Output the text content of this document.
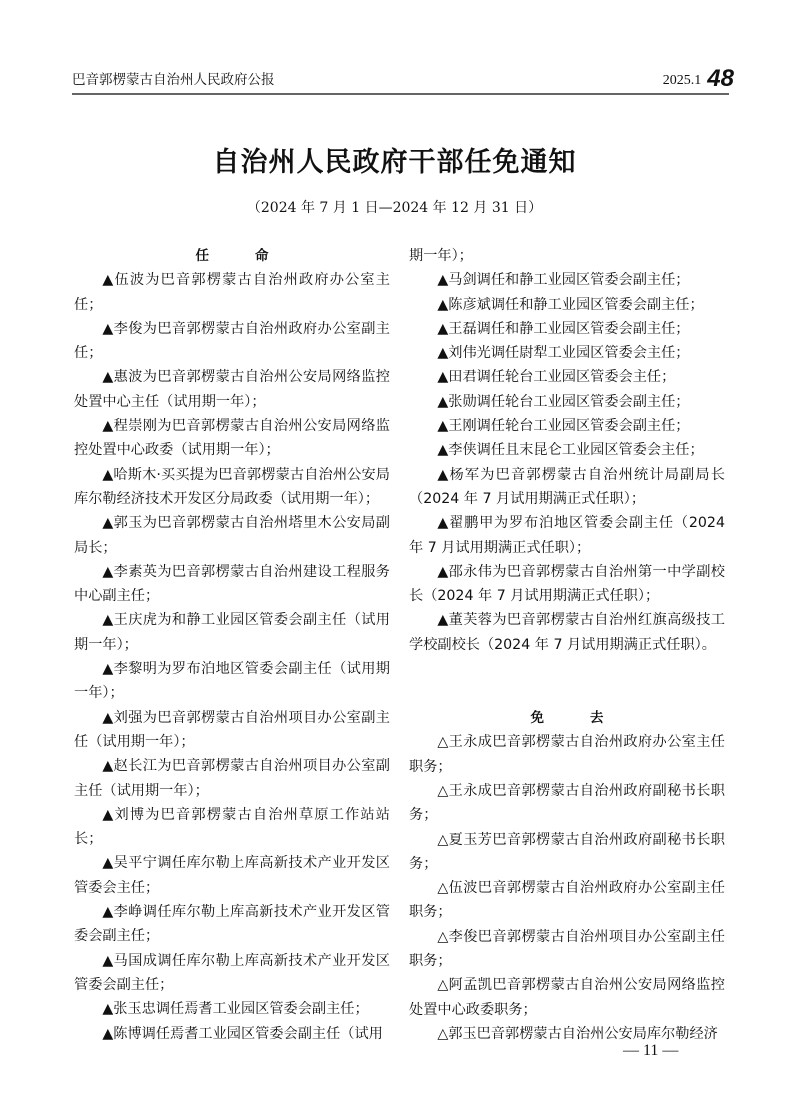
巴音郭楞蒙古自治州人民政府公报	2025.1 48
自治州人民政府干部任免通知
（2024 年 7 月 1 日—2024 年 12 月 31 日）
任	命

▲伍波为巴音郭楞蒙古自治州政府办公室主任；

▲李俊为巴音郭楞蒙古自治州政府办公室副主任；

▲惠波为巴音郭楞蒙古自治州公安局网络监控处置中心主任（试用期一年）；

▲程崇刚为巴音郭楞蒙古自治州公安局网络监控处置中心政委（试用期一年）；

▲哈斯木·买买提为巴音郭楞蒙古自治州公安局库尔勒经济技术开发区分局政委（试用期一年）；

▲郭玉为巴音郭楞蒙古自治州塔里木公安局副局长；

▲李素英为巴音郭楞蒙古自治州建设工程服务中心副主任；

▲王庆虎为和静工业园区管委会副主任（试用期一年）；

▲李黎明为罗布泊地区管委会副主任（试用期一年）；

▲刘强为巴音郭楞蒙古自治州项目办公室副主任（试用期一年）；

▲赵长江为巴音郭楞蒙古自治州项目办公室副主任（试用期一年）；

▲刘博为巴音郭楞蒙古自治州草原工作站站长；

▲吴平宁调任库尔勒上库高新技术产业开发区管委会主任；

▲李峥调任库尔勒上库高新技术产业开发区管委会副主任；

▲马国成调任库尔勒上库高新技术产业开发区管委会副主任；

▲张玉忠调任焉耆工业园区管委会副主任；

▲陈博调任焉耆工业园区管委会副主任（试用

期一年）；

▲马剑调任和静工业园区管委会副主任；

▲陈彦斌调任和静工业园区管委会副主任；

▲王磊调任和静工业园区管委会副主任；

▲刘伟光调任尉犁工业园区管委会主任；

▲田君调任轮台工业园区管委会主任；

▲张勋调任轮台工业园区管委会副主任；

▲王刚调任轮台工业园区管委会副主任；

▲李侠调任且末昆仑工业园区管委会主任；

▲杨军为巴音郭楞蒙古自治州统计局副局长（2024 年 7 月试用期满正式任职）；

▲翟鹏甲为罗布泊地区管委会副主任（2024 年 7 月试用期满正式任职）；

▲邵永伟为巴音郭楞蒙古自治州第一中学副校长（2024 年 7 月试用期满正式任职）；

▲董芙蓉为巴音郭楞蒙古自治州红旗高级技工学校副校长（2024 年 7 月试用期满正式任职）。

免	去

△王永成巴音郭楞蒙古自治州政府办公室主任职务；

△王永成巴音郭楞蒙古自治州政府副秘书长职务；

△夏玉芳巴音郭楞蒙古自治州政府副秘书长职务；

△伍波巴音郭楞蒙古自治州政府办公室副主任职务；

△李俊巴音郭楞蒙古自治州项目办公室副主任职务；

△阿孟凯巴音郭楞蒙古自治州公安局网络监控处置中心政委职务；

△郭玉巴音郭楞蒙古自治州公安局库尔勒经济

— 11 —
